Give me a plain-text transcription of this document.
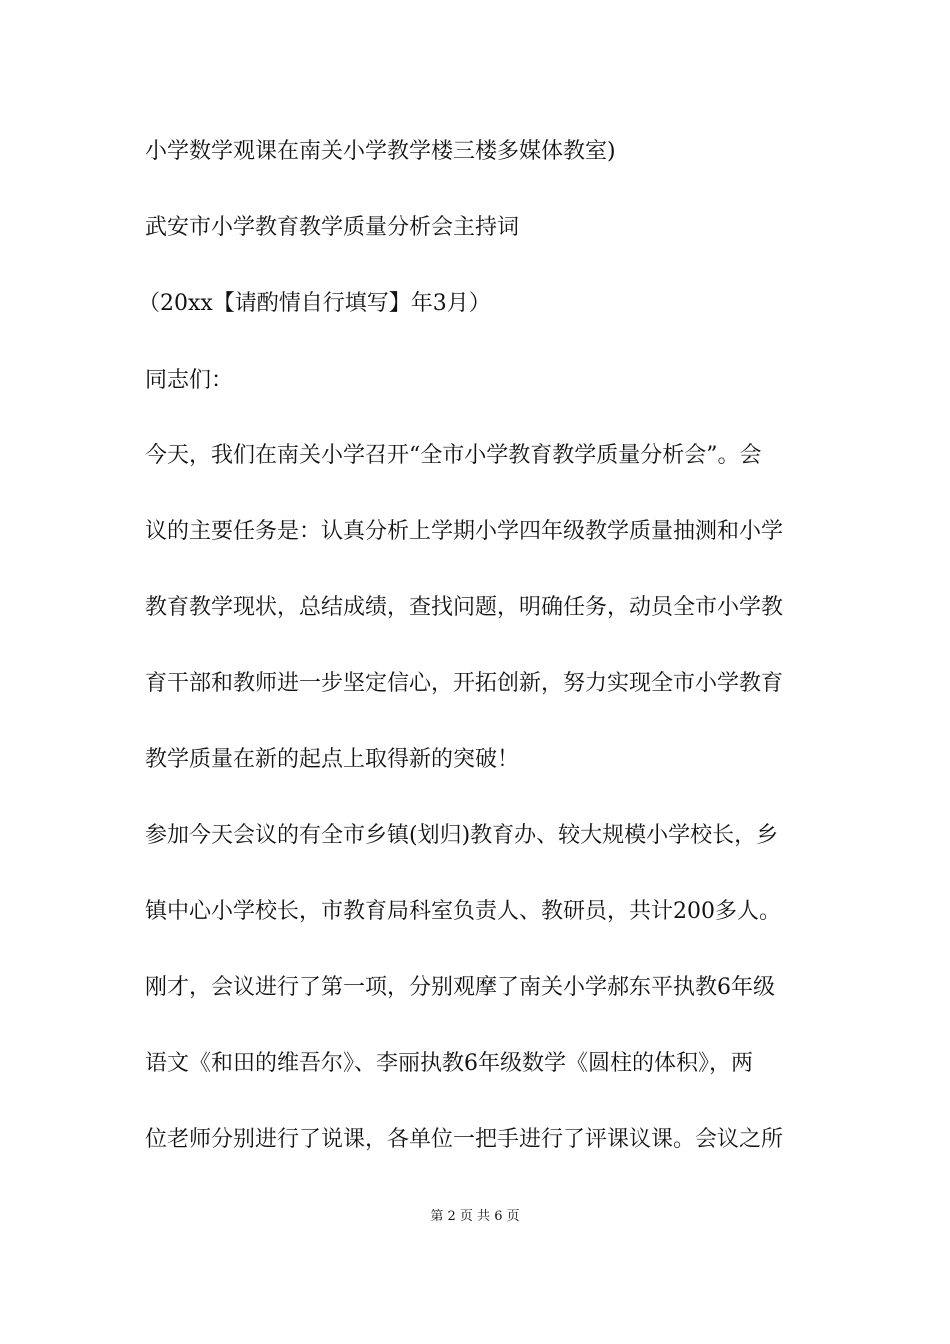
小学数学观课在南关小学教学楼三楼多媒体教室)
武安市小学教育教学质量分析会主持词
（20xx【请酌情自行填写】年3月）
同志们：
今天，我们在南关小学召开“全市小学教育教学质量分析会”。会
议的主要任务是：认真分析上学期小学四年级教学质量抽测和小学
教育教学现状，总结成绩，查找问题，明确任务，动员全市小学教
育干部和教师进一步坚定信心，开拓创新，努力实现全市小学教育
教学质量在新的起点上取得新的突破！
参加今天会议的有全市乡镇(划归)教育办、较大规模小学校长，乡
镇中心小学校长，市教育局科室负责人、教研员，共计200多人。
刚才，会议进行了第一项，分别观摩了南关小学郝东平执教6年级
语文《和田的维吾尔》、李丽执教6年级数学《圆柱的体积》，两
位老师分别进行了说课，各单位一把手进行了评课议课。会议之所
第 2 页 共 6 页
